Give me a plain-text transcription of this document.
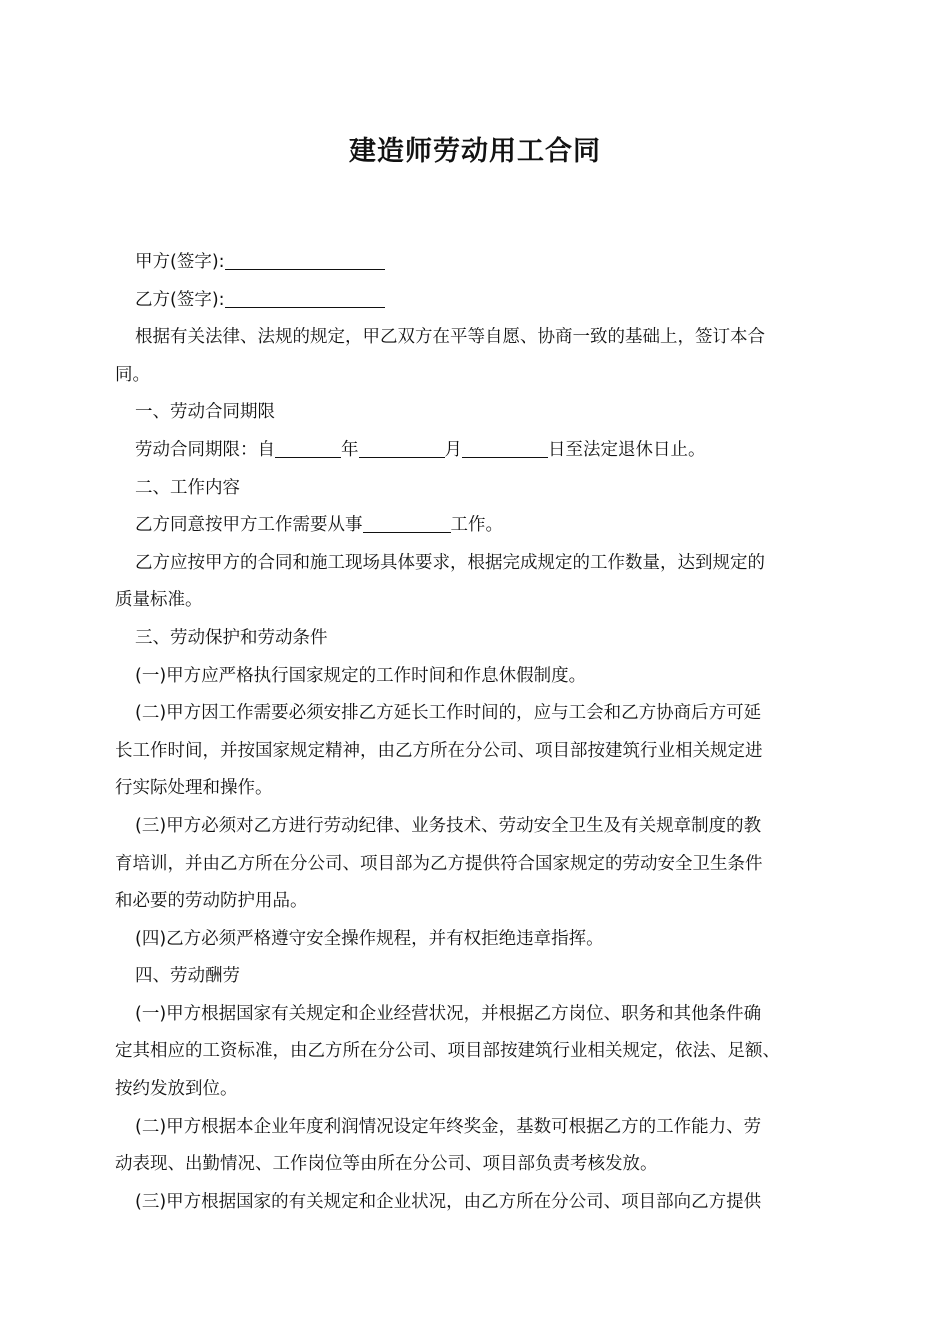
建造师劳动用工合同
甲方(签字):
乙方(签字):
根据有关法律、法规的规定，甲乙双方在平等自愿、协商一致的基础上，签订本合
同。
一、劳动合同期限
劳动合同期限：自	年	月	日至法定退休日止。
二、工作内容
乙方同意按甲方工作需要从事	工作。
乙方应按甲方的合同和施工现场具体要求，根据完成规定的工作数量，达到规定的
质量标准。
三、劳动保护和劳动条件
(一)甲方应严格执行国家规定的工作时间和作息休假制度。
(二)甲方因工作需要必须安排乙方延长工作时间的，应与工会和乙方协商后方可延
长工作时间，并按国家规定精神，由乙方所在分公司、项目部按建筑行业相关规定进
行实际处理和操作。
(三)甲方必须对乙方进行劳动纪律、业务技术、劳动安全卫生及有关规章制度的教
育培训，并由乙方所在分公司、项目部为乙方提供符合国家规定的劳动安全卫生条件
和必要的劳动防护用品。
(四)乙方必须严格遵守安全操作规程，并有权拒绝违章指挥。
四、劳动酬劳
(一)甲方根据国家有关规定和企业经营状况，并根据乙方岗位、职务和其他条件确
定其相应的工资标准，由乙方所在分公司、项目部按建筑行业相关规定，依法、足额、
按约发放到位。
(二)甲方根据本企业年度利润情况设定年终奖金，基数可根据乙方的工作能力、劳
动表现、出勤情况、工作岗位等由所在分公司、项目部负责考核发放。
(三)甲方根据国家的有关规定和企业状况，由乙方所在分公司、项目部向乙方提供
